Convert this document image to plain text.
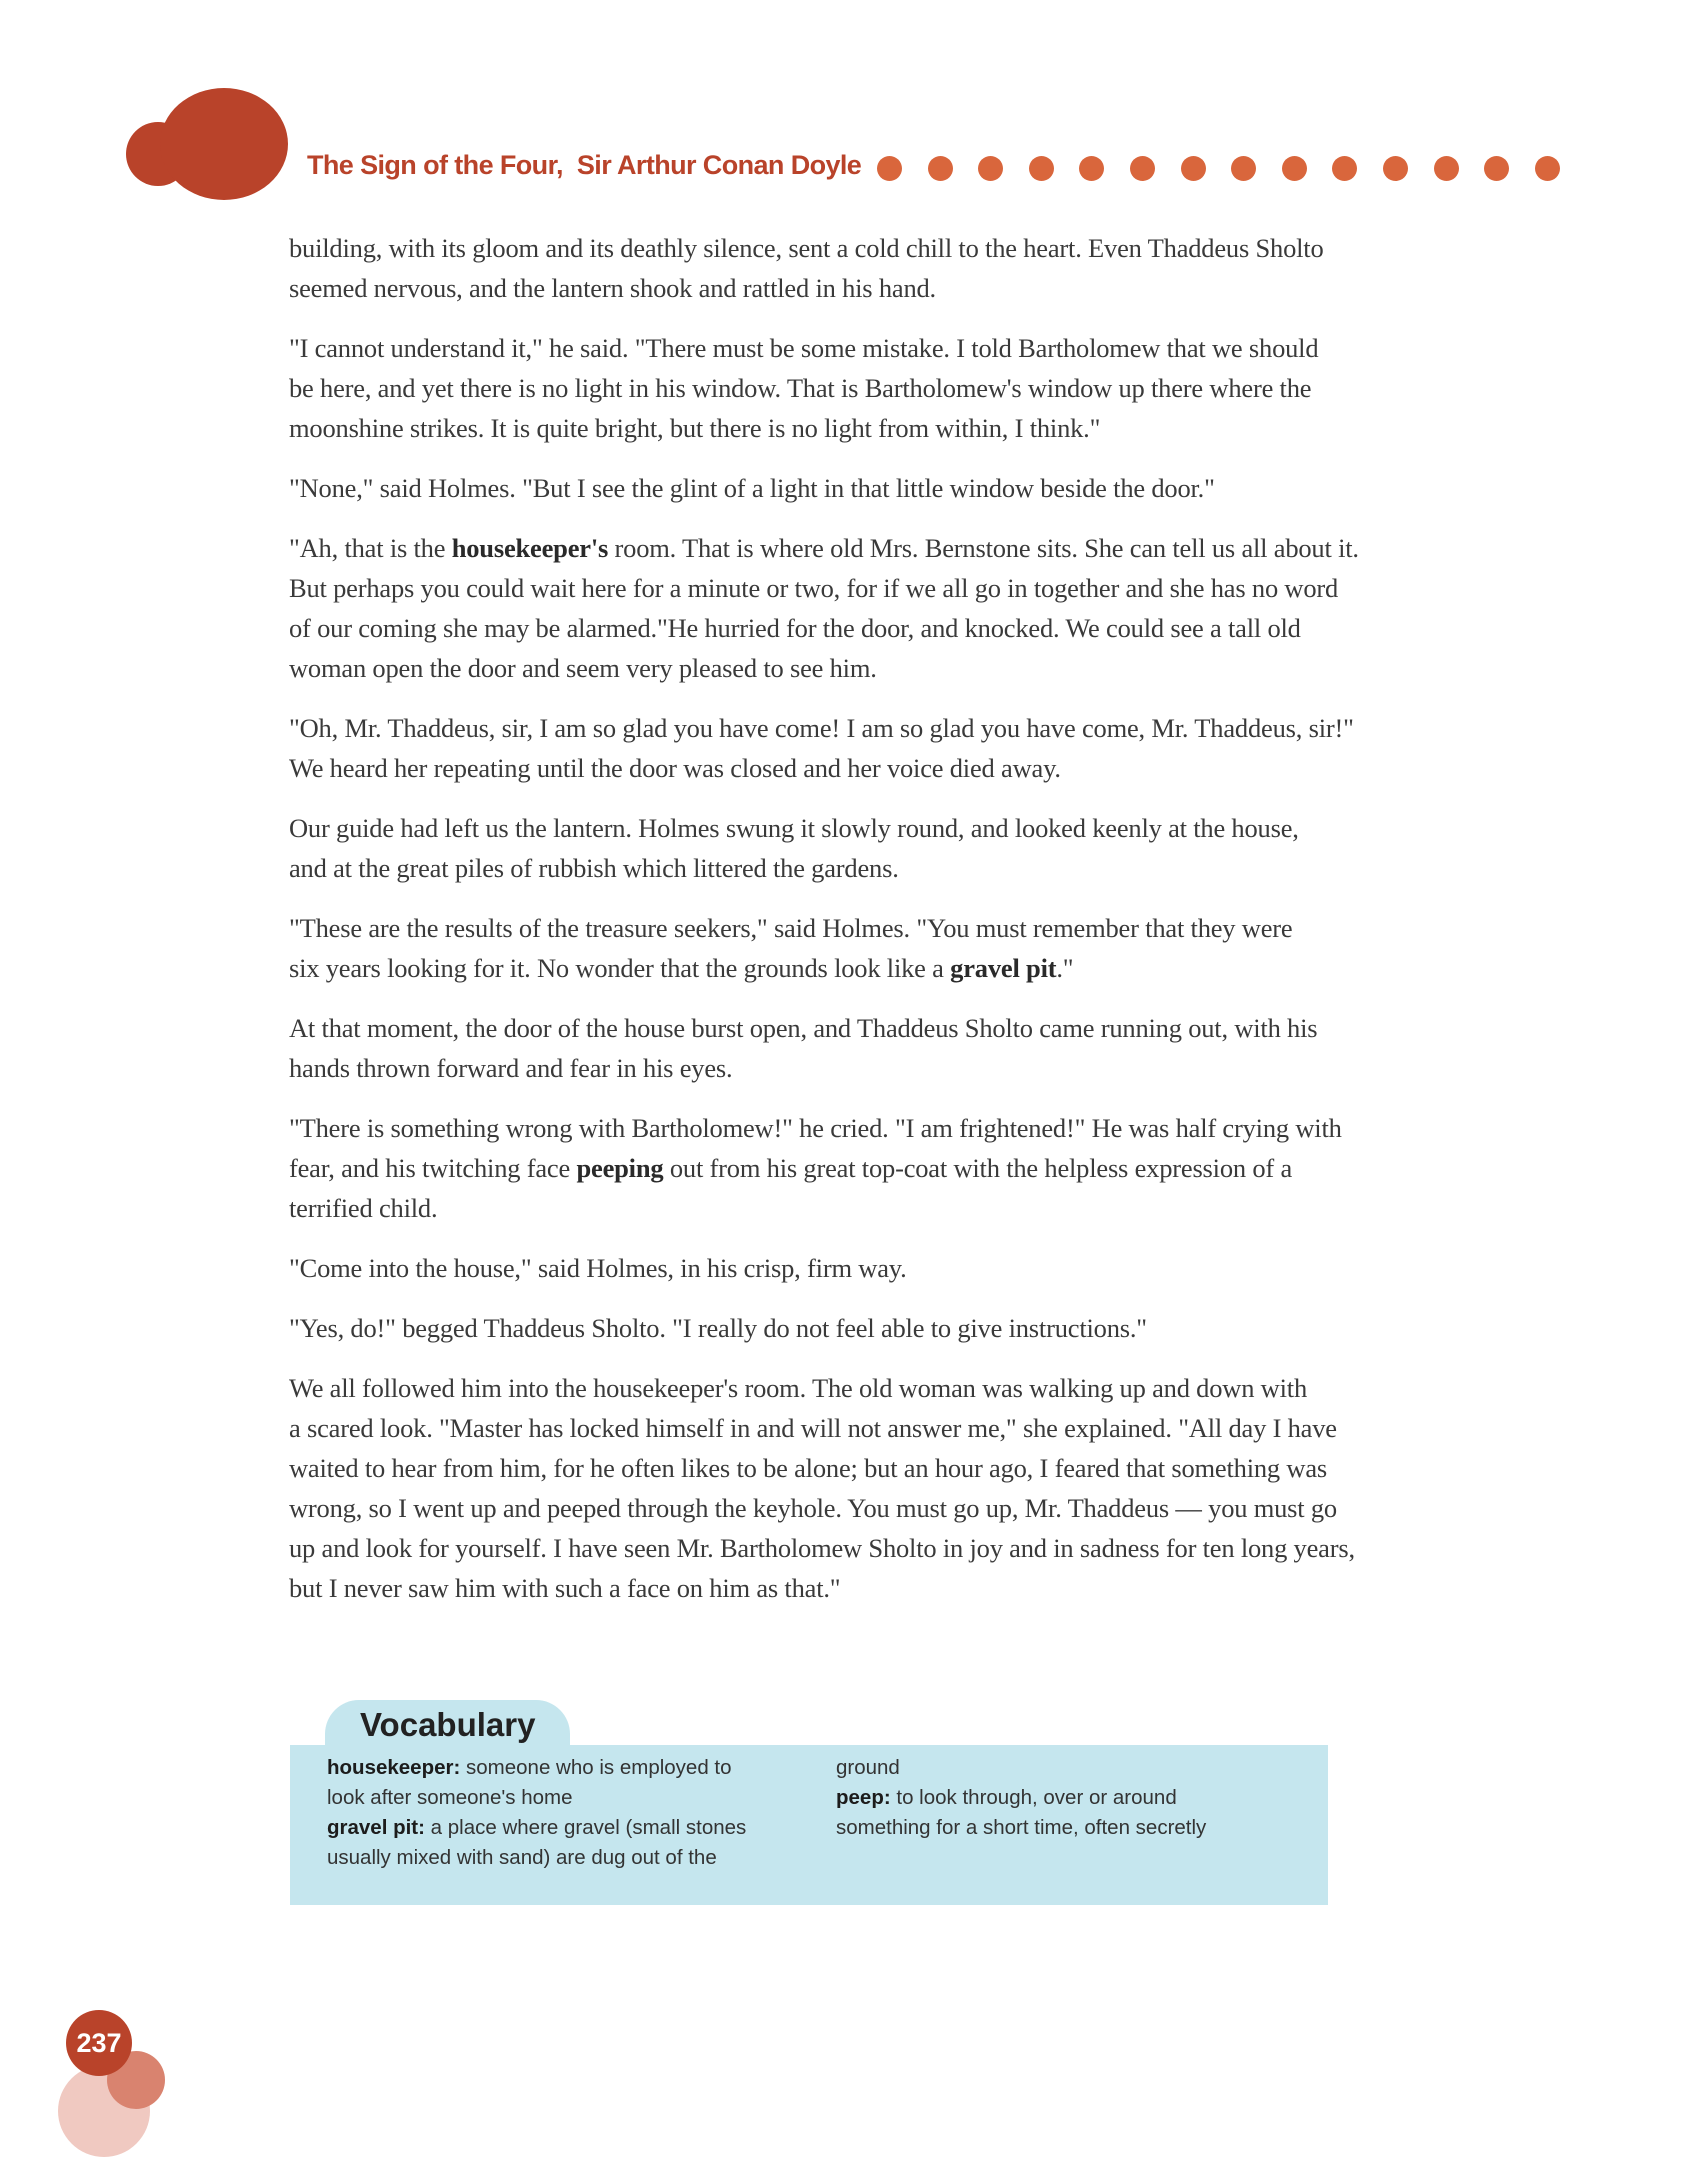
The Sign of the Four, Sir Arthur Conan Doyle

building, with its gloom and its deathly silence, sent a cold chill to the heart. Even Thaddeus Sholto
seemed nervous, and the lantern shook and rattled in his hand.

"I cannot understand it," he said. "There must be some mistake. I told Bartholomew that we should
be here, and yet there is no light in his window. That is Bartholomew's window up there where the
moonshine strikes. It is quite bright, but there is no light from within, I think."

"None," said Holmes. "But I see the glint of a light in that little window beside the door."

"Ah, that is the housekeeper's room. That is where old Mrs. Bernstone sits. She can tell us all about it.
But perhaps you could wait here for a minute or two, for if we all go in together and she has no word
of our coming she may be alarmed."He hurried for the door, and knocked. We could see a tall old
woman open the door and seem very pleased to see him.

"Oh, Mr. Thaddeus, sir, I am so glad you have come! I am so glad you have come, Mr. Thaddeus, sir!"
We heard her repeating until the door was closed and her voice died away.

Our guide had left us the lantern. Holmes swung it slowly round, and looked keenly at the house,
and at the great piles of rubbish which littered the gardens.

"These are the results of the treasure seekers," said Holmes. "You must remember that they were
six years looking for it. No wonder that the grounds look like a gravel pit."

At that moment, the door of the house burst open, and Thaddeus Sholto came running out, with his
hands thrown forward and fear in his eyes.

"There is something wrong with Bartholomew!" he cried. "I am frightened!" He was half crying with
fear, and his twitching face peeping out from his great top-coat with the helpless expression of a
terrified child.

"Come into the house," said Holmes, in his crisp, firm way.

"Yes, do!" begged Thaddeus Sholto. "I really do not feel able to give instructions."

We all followed him into the housekeeper's room. The old woman was walking up and down with
a scared look. "Master has locked himself in and will not answer me," she explained. "All day I have
waited to hear from him, for he often likes to be alone; but an hour ago, I feared that something was
wrong, so I went up and peeped through the keyhole. You must go up, Mr. Thaddeus — you must go
up and look for yourself. I have seen Mr. Bartholomew Sholto in joy and in sadness for ten long years,
but I never saw him with such a face on him as that."

Vocabulary
housekeeper: someone who is employed to
look after someone's home
gravel pit: a place where gravel (small stones
usually mixed with sand) are dug out of the
ground
peep: to look through, over or around
something for a short time, often secretly
237
